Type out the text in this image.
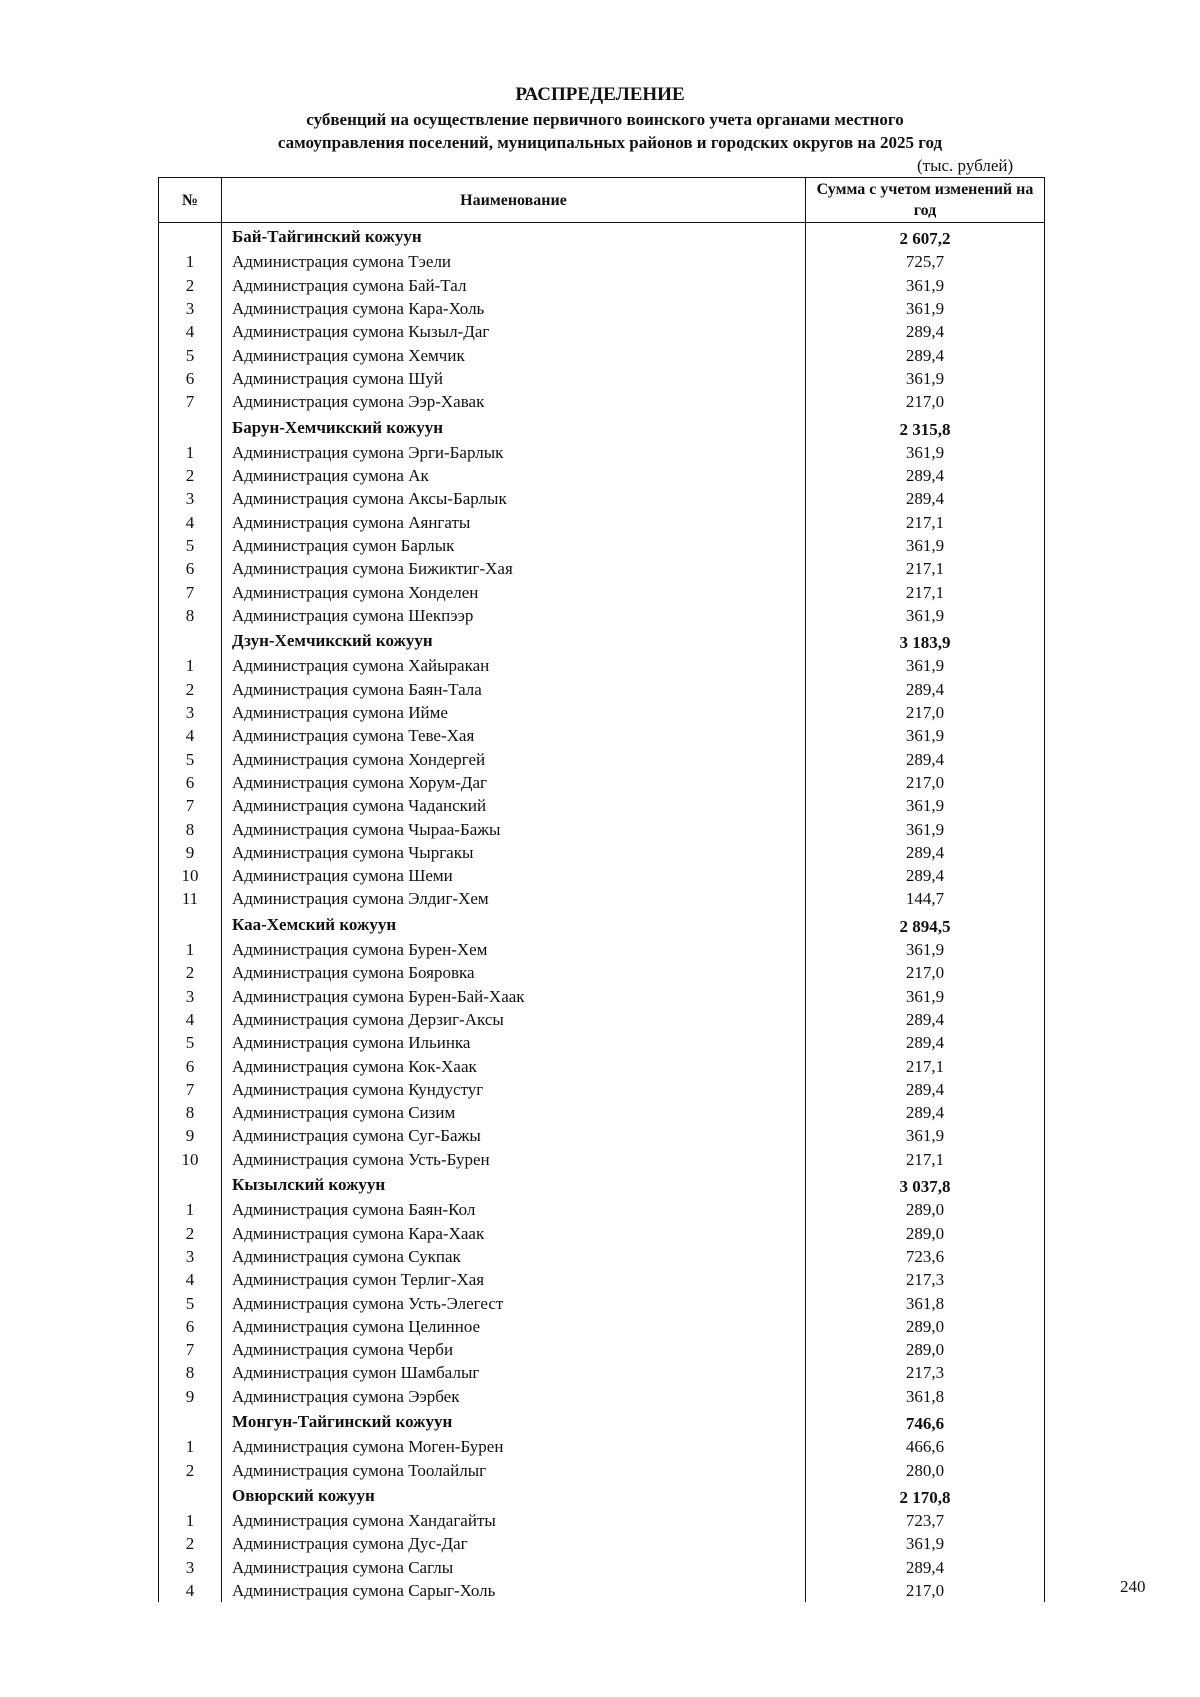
РАСПРЕДЕЛЕНИЕ
субвенций на осуществление первичного воинского учета органами местного
самоуправления поселений, муниципальных районов и городских округов на 2025 год
(тыс. рублей)
№	Наименование	Сумма с учетом изменений на год
	Бай-Тайгинский кожуун	2 607,2
1	Администрация сумона Тэели	725,7
2	Администрация сумона Бай-Тал	361,9
3	Администрация сумона Кара-Холь	361,9
4	Администрация сумона Кызыл-Даг	289,4
5	Администрация сумона Хемчик	289,4
6	Администрация сумона Шуй	361,9
7	Администрация сумона Ээр-Хавак	217,0
	Барун-Хемчикский кожуун	2 315,8
1	Администрация сумона Эрги-Барлык	361,9
2	Администрация сумона Ак	289,4
3	Администрация сумона Аксы-Барлык	289,4
4	Администрация сумона Аянгаты	217,1
5	Администрация сумон Барлык	361,9
6	Администрация сумона Бижиктиг-Хая	217,1
7	Администрация сумона Хонделен	217,1
8	Администрация сумона Шекпээр	361,9
	Дзун-Хемчикский кожуун	3 183,9
1	Администрация сумона Хайыракан	361,9
2	Администрация сумона Баян-Тала	289,4
3	Администрация сумона Ийме	217,0
4	Администрация сумона Теве-Хая	361,9
5	Администрация сумона Хондергей	289,4
6	Администрация сумона Хорум-Даг	217,0
7	Администрация сумона Чаданский	361,9
8	Администрация сумона Чыраа-Бажы	361,9
9	Администрация сумона Чыргакы	289,4
10	Администрация сумона Шеми	289,4
11	Администрация сумона Элдиг-Хем	144,7
	Каа-Хемский кожуун	2 894,5
1	Администрация сумона Бурен-Хем	361,9
2	Администрация сумона Бояровка	217,0
3	Администрация сумона Бурен-Бай-Хаак	361,9
4	Администрация сумона Дерзиг-Аксы	289,4
5	Администрация сумона Ильинка	289,4
6	Администрация сумона Кок-Хаак	217,1
7	Администрация сумона Кундустуг	289,4
8	Администрация сумона Сизим	289,4
9	Администрация сумона Суг-Бажы	361,9
10	Администрация сумона Усть-Бурен	217,1
	Кызылский кожуун	3 037,8
1	Администрация сумона Баян-Кол	289,0
2	Администрация сумона Кара-Хаак	289,0
3	Администрация сумона Сукпак	723,6
4	Администрация сумон Терлиг-Хая	217,3
5	Администрация сумона Усть-Элегест	361,8
6	Администрация сумона Целинное	289,0
7	Администрация сумона Черби	289,0
8	Администрация сумон Шамбалыг	217,3
9	Администрация сумона Ээрбек	361,8
	Монгун-Тайгинский кожуун	746,6
1	Администрация сумона Моген-Бурен	466,6
2	Администрация сумона Тоолайлыг	280,0
	Овюрский кожуун	2 170,8
1	Администрация сумона Хандагайты	723,7
2	Администрация сумона Дус-Даг	361,9
3	Администрация сумона Саглы	289,4
4	Администрация сумона Сарыг-Холь	217,0	240
